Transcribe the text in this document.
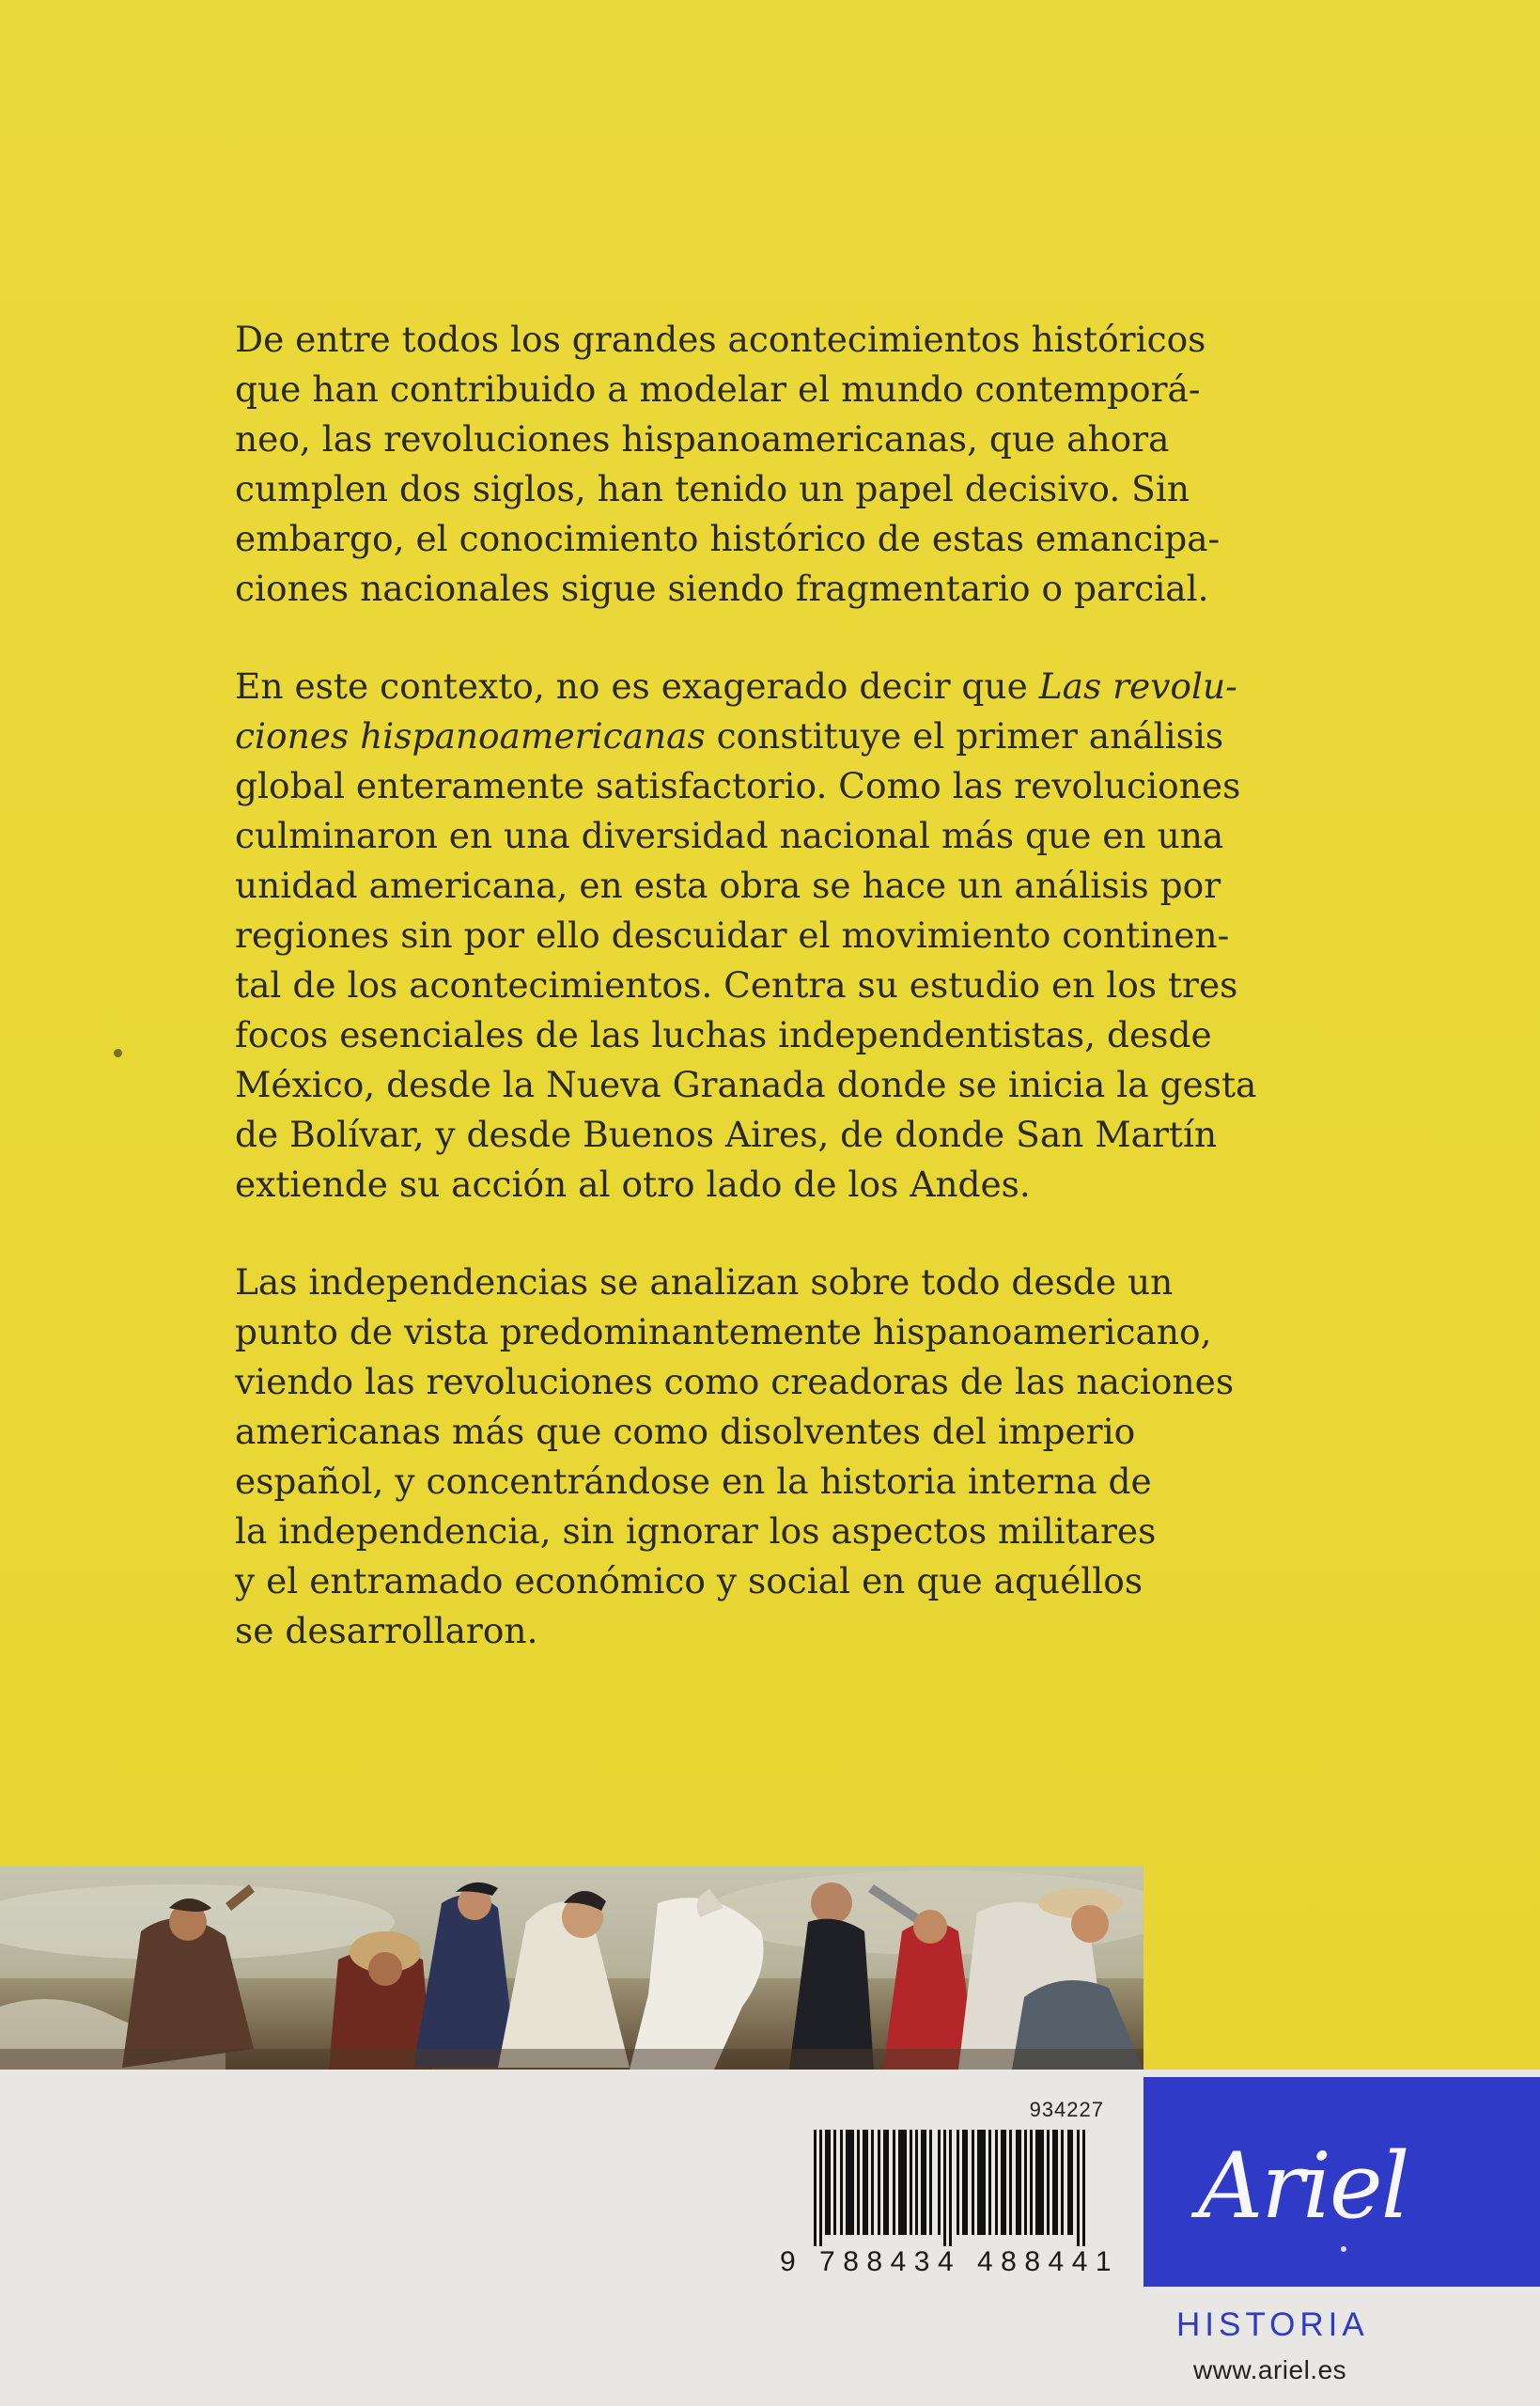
De entre todos los grandes acontecimientos históricos
que han contribuido a modelar el mundo contemporá-
neo, las revoluciones hispanoamericanas, que ahora
cumplen dos siglos, han tenido un papel decisivo. Sin
embargo, el conocimiento histórico de estas emancipa-
ciones nacionales sigue siendo fragmentario o parcial.

En este contexto, no es exagerado decir que Las revolu-
ciones hispanoamericanas constituye el primer análisis
global enteramente satisfactorio. Como las revoluciones
culminaron en una diversidad nacional más que en una
unidad americana, en esta obra se hace un análisis por
regiones sin por ello descuidar el movimiento continen-
tal de los acontecimientos. Centra su estudio en los tres
focos esenciales de las luchas independentistas, desde
México, desde la Nueva Granada donde se inicia la gesta
de Bolívar, y desde Buenos Aires, de donde San Martín
extiende su acción al otro lado de los Andes.

Las independencias se analizan sobre todo desde un
punto de vista predominantemente hispanoamericano,
viendo las revoluciones como creadoras de las naciones
americanas más que como disolventes del imperio
español, y concentrándose en la historia interna de
la independencia, sin ignorar los aspectos militares
y el entramado económico y social en que aquéllos
se desarrollaron.

934227
9 788434 488441
Ariel
HISTORIA
www.ariel.es
